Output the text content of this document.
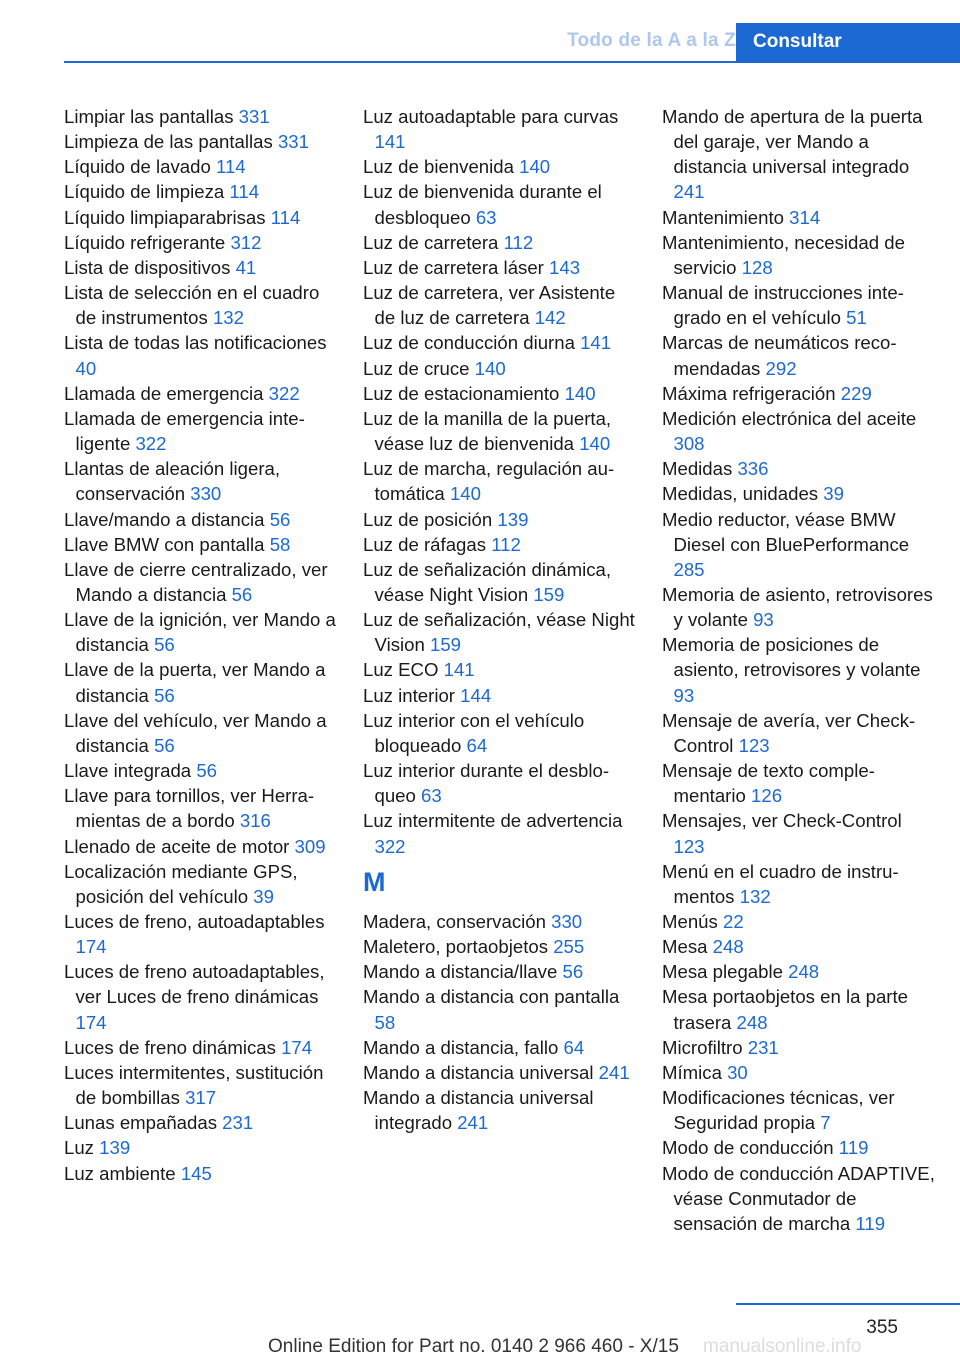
Todo de la A a la Z Consultar
Limpiar las pantallas 331
Limpieza de las pantallas 331
Líquido de lavado 114
Líquido de limpieza 114
Líquido limpiaparabrisas 114
Líquido refrigerante 312
Lista de dispositivos 41
Lista de selección en el cuadro de instrumentos 132
Lista de todas las notificaciones 40
Llamada de emergencia 322
Llamada de emergencia inteligente 322
Llantas de aleación ligera, conservación 330
Llave/mando a distancia 56
Llave BMW con pantalla 58
Llave de cierre centralizado, ver Mando a distancia 56
Llave de la ignición, ver Mando a distancia 56
Llave de la puerta, ver Mando a distancia 56
Llave del vehículo, ver Mando a distancia 56
Llave integrada 56
Llave para tornillos, ver Herramientas de a bordo 316
Llenado de aceite de motor 309
Localización mediante GPS, posición del vehículo 39
Luces de freno, autoadaptables 174
Luces de freno autoadaptables, ver Luces de freno dinámicas 174
Luces de freno dinámicas 174
Luces intermitentes, sustitución de bombillas 317
Lunas empañadas 231
Luz 139
Luz ambiente 145
Luz autoadaptable para curvas 141
Luz de bienvenida 140
Luz de bienvenida durante el desbloqueo 63
Luz de carretera 112
Luz de carretera láser 143
Luz de carretera, ver Asistente de luz de carretera 142
Luz de conducción diurna 141
Luz de cruce 140
Luz de estacionamiento 140
Luz de la manilla de la puerta, véase luz de bienvenida 140
Luz de marcha, regulación automática 140
Luz de posición 139
Luz de ráfagas 112
Luz de señalización dinámica, véase Night Vision 159
Luz de señalización, véase Night Vision 159
Luz ECO 141
Luz interior 144
Luz interior con el vehículo bloqueado 64
Luz interior durante el desbloqueo 63
Luz intermitente de advertencia 322
M
Madera, conservación 330
Maletero, portaobjetos 255
Mando a distancia/llave 56
Mando a distancia con pantalla 58
Mando a distancia, fallo 64
Mando a distancia universal 241
Mando a distancia universal integrado 241
Mando de apertura de la puerta del garaje, ver Mando a distancia universal integrado 241
Mantenimiento 314
Mantenimiento, necesidad de servicio 128
Manual de instrucciones integrado en el vehículo 51
Marcas de neumáticos recomendadas 292
Máxima refrigeración 229
Medición electrónica del aceite 308
Medidas 336
Medidas, unidades 39
Medio reductor, véase BMW Diesel con BluePerformance 285
Memoria de asiento, retrovisores y volante 93
Memoria de posiciones de asiento, retrovisores y volante 93
Mensaje de avería, ver Check-Control 123
Mensaje de texto complementario 126
Mensajes, ver Check-Control 123
Menú en el cuadro de instrumentos 132
Menús 22
Mesa 248
Mesa plegable 248
Mesa portaobjetos en la parte trasera 248
Microfiltro 231
Mímica 30
Modificaciones técnicas, ver Seguridad propia 7
Modo de conducción 119
Modo de conducción ADAPTIVE, véase Conmutador de sensación de marcha 119
355
Online Edition for Part no. 0140 2 966 460 - X/15 manualsonline.info
